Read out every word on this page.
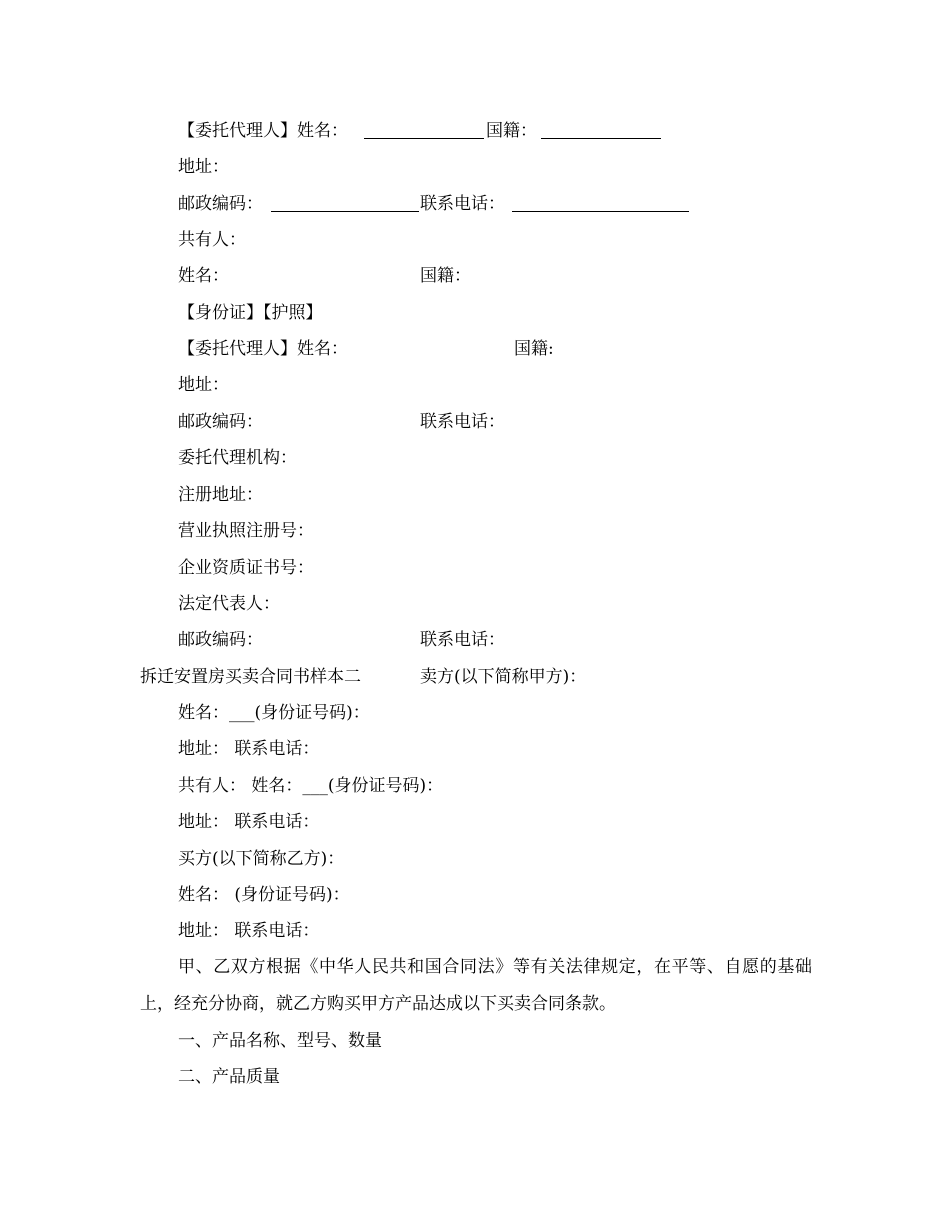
【委托代理人】姓名：	国籍：
地址：
邮政编码：	联系电话：
共有人：
姓名：	国籍：
【身份证】【护照】
【委托代理人】姓名：	国籍:
地址：
邮政编码：	联系电话：
委托代理机构：
注册地址：
营业执照注册号：
企业资质证书号：
法定代表人：
邮政编码：	联系电话：
拆迁安置房买卖合同书样本二	卖方(以下简称甲方)：
姓名：___(身份证号码)：
地址： 联系电话：
共有人： 姓名：___(身份证号码)：
地址： 联系电话：
买方(以下简称乙方)：
姓名： (身份证号码)：
地址： 联系电话：
甲、乙双方根据《中华人民共和国合同法》等有关法律规定，在平等、自愿的基础上，经充分协商，就乙方购买甲方产品达成以下买卖合同条款。
一、产品名称、型号、数量
二、产品质量
